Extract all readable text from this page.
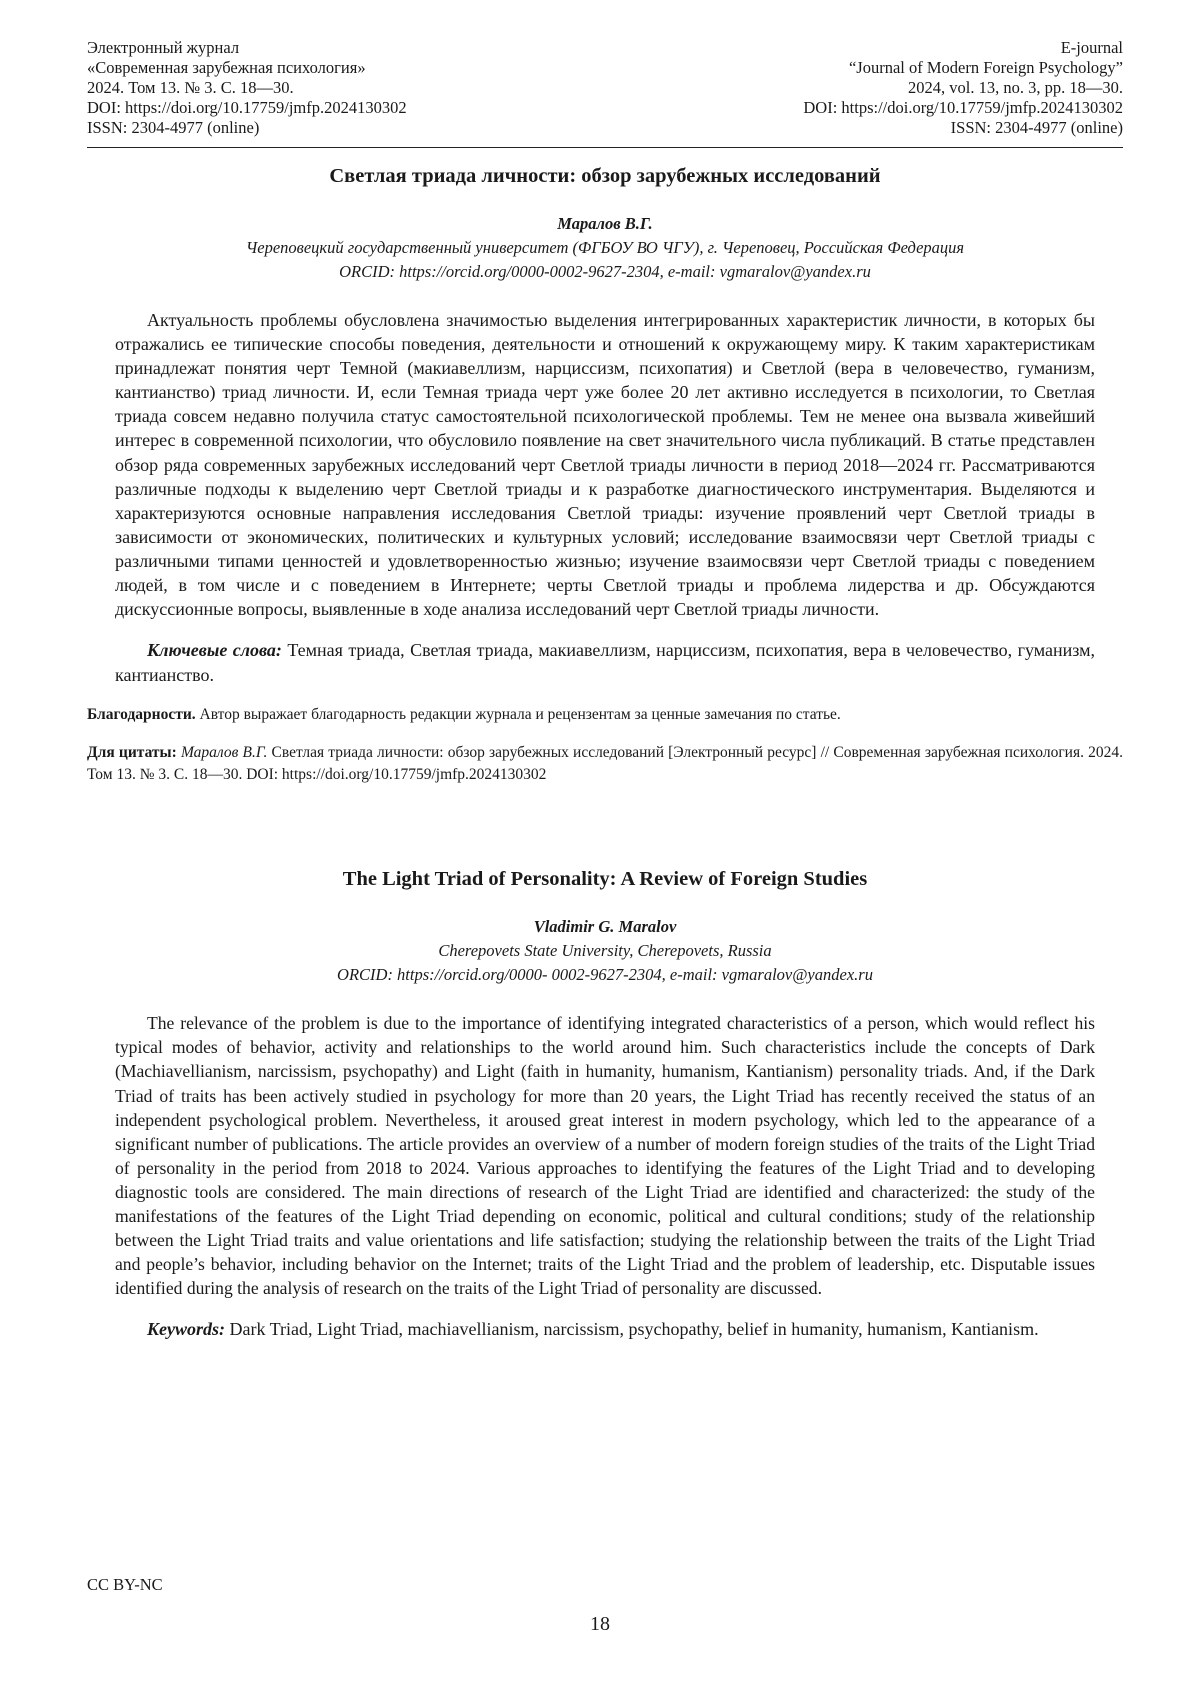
Электронный журнал
«Современная зарубежная психология»
2024. Том 13. № 3. С. 18—30.
DOI: https://doi.org/10.17759/jmfp.2024130302
ISSN: 2304-4977 (online)
E-journal
“Journal of Modern Foreign Psychology”
2024, vol. 13, no. 3, pp. 18—30.
DOI: https://doi.org/10.17759/jmfp.2024130302
ISSN: 2304-4977 (online)
Светлая триада личности: обзор зарубежных исследований
Маралов В.Г.
Череповецкий государственный университет (ФГБОУ ВО ЧГУ), г. Череповец, Российская Федерация
ORCID: https://orcid.org/0000-0002-9627-2304, e-mail: vgmaralov@yandex.ru
Актуальность проблемы обусловлена значимостью выделения интегрированных характеристик личности, в которых бы отражались ее типические способы поведения, деятельности и отношений к окружающему миру. К таким характеристикам принадлежат понятия черт Темной (макиавеллизм, нарциссизм, психопатия) и Светлой (вера в человечество, гуманизм, кантианство) триад личности. И, если Темная триада черт уже более 20 лет активно исследуется в психологии, то Светлая триада совсем недавно получила статус самостоятельной психологической проблемы. Тем не менее она вызвала живейший интерес в современной психологии, что обусловило появление на свет значительного числа публикаций. В статье представлен обзор ряда современных зарубежных исследований черт Светлой триады личности в период 2018—2024 гг. Рассматриваются различные подходы к выделению черт Светлой триады и к разработке диагностического инструментария. Выделяются и характеризуются основные направления исследования Светлой триады: изучение проявлений черт Светлой триады в зависимости от экономических, политических и культурных условий; исследование взаимосвязи черт Светлой триады с различными типами ценностей и удовлетворенностью жизнью; изучение взаимосвязи черт Светлой триады с поведением людей, в том числе и с поведением в Интернете; черты Светлой триады и проблема лидерства и др. Обсуждаются дискуссионные вопросы, выявленные в ходе анализа исследований черт Светлой триады личности.
Ключевые слова: Темная триада, Светлая триада, макиавеллизм, нарциссизм, психопатия, вера в человечество, гуманизм, кантианство.
Благодарности. Автор выражает благодарность редакции журнала и рецензентам за ценные замечания по статье.
Для цитаты: Маралов В.Г. Светлая триада личности: обзор зарубежных исследований [Электронный ресурс] // Современная зарубежная психология. 2024. Том 13. № 3. С. 18—30. DOI: https://doi.org/10.17759/jmfp.2024130302
The Light Triad of Personality: A Review of Foreign Studies
Vladimir G. Maralov
Cherepovets State University, Cherepovets, Russia
ORCID: https://orcid.org/0000- 0002-9627-2304, e-mail: vgmaralov@yandex.ru
The relevance of the problem is due to the importance of identifying integrated characteristics of a person, which would reflect his typical modes of behavior, activity and relationships to the world around him. Such characteristics include the concepts of Dark (Machiavellianism, narcissism, psychopathy) and Light (faith in humanity, humanism, Kantianism) personality triads. And, if the Dark Triad of traits has been actively studied in psychology for more than 20 years, the Light Triad has recently received the status of an independent psychological problem. Nevertheless, it aroused great interest in modern psychology, which led to the appearance of a significant number of publications. The article provides an overview of a number of modern foreign studies of the traits of the Light Triad of personality in the period from 2018 to 2024. Various approaches to identifying the features of the Light Triad and to developing diagnostic tools are considered. The main directions of research of the Light Triad are identified and characterized: the study of the manifestations of the features of the Light Triad depending on economic, political and cultural conditions; study of the relationship between the Light Triad traits and value orientations and life satisfaction; studying the relationship between the traits of the Light Triad and people’s behavior, including behavior on the Internet; traits of the Light Triad and the problem of leadership, etc. Disputable issues identified during the analysis of research on the traits of the Light Triad of personality are discussed.
Keywords: Dark Triad, Light Triad, machiavellianism, narcissism, psychopathy, belief in humanity, humanism, Kantianism.
CC BY-NC
18
